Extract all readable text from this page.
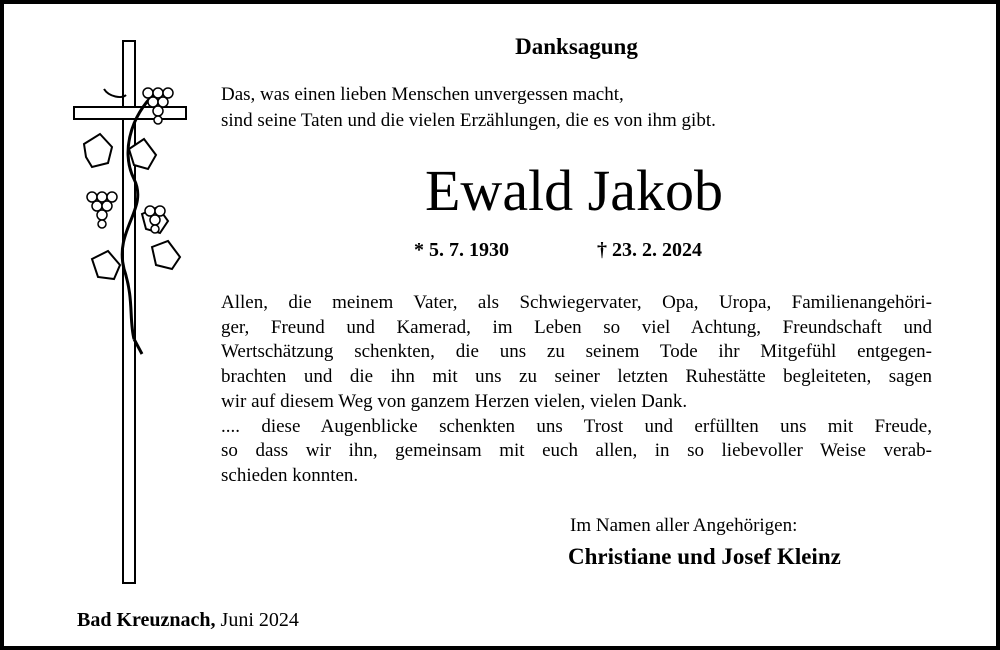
Danksagung
Das, was einen lieben Menschen unvergessen macht,
sind seine Taten und die vielen Erzählungen, die es von ihm gibt.
Ewald Jakob
* 5. 7. 1930	† 23. 2. 2024
Allen, die meinem Vater, als Schwiegervater, Opa, Uropa, Familienangehöri-
ger, Freund und Kamerad, im Leben so viel Achtung, Freundschaft und
Wertschätzung schenkten, die uns zu seinem Tode ihr Mitgefühl entgegen-
brachten und die ihn mit uns zu seiner letzten Ruhestätte begleiteten, sagen
wir auf diesem Weg von ganzem Herzen vielen, vielen Dank.
.... diese Augenblicke schenkten uns Trost und erfüllten uns mit Freude,
so dass wir ihn, gemeinsam mit euch allen, in so liebevoller Weise verab-
schieden konnten.
Im Namen aller Angehörigen:
Christiane und Josef Kleinz
Bad Kreuznach, Juni 2024
